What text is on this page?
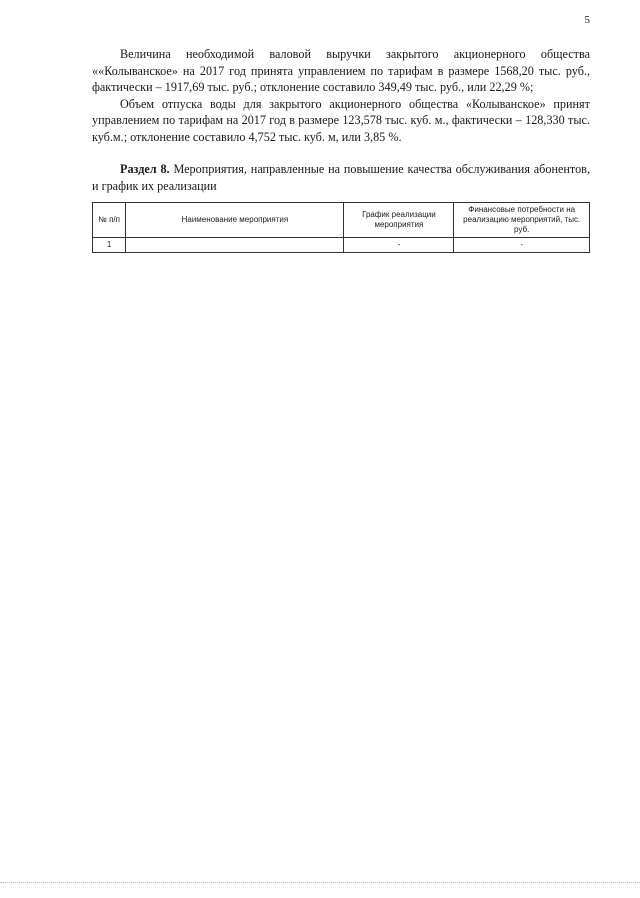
5

Величина необходимой валовой выручки закрытого акционерного общества ««Колыванское» на 2017 год принята управлением по тарифам в размере 1568,20 тыс. руб., фактически – 1917,69 тыс. руб.; отклонение составило 349,49 тыс. руб., или 22,29 %;

Объем отпуска воды для закрытого акционерного общества «Колыванское» принят управлением по тарифам на 2017 год в размере 123,578 тыс. куб. м., фактически – 128,330 тыс. куб.м.; отклонение составило 4,752 тыс. куб. м, или 3,85 %.

Раздел 8. Мероприятия, направленные на повышение качества обслуживания абонентов, и график их реализации

№ п/п	Наименование мероприятия	График реализации мероприятия	Финансовые потребности на реализацию мероприятий, тыс. руб.
1		-	-
